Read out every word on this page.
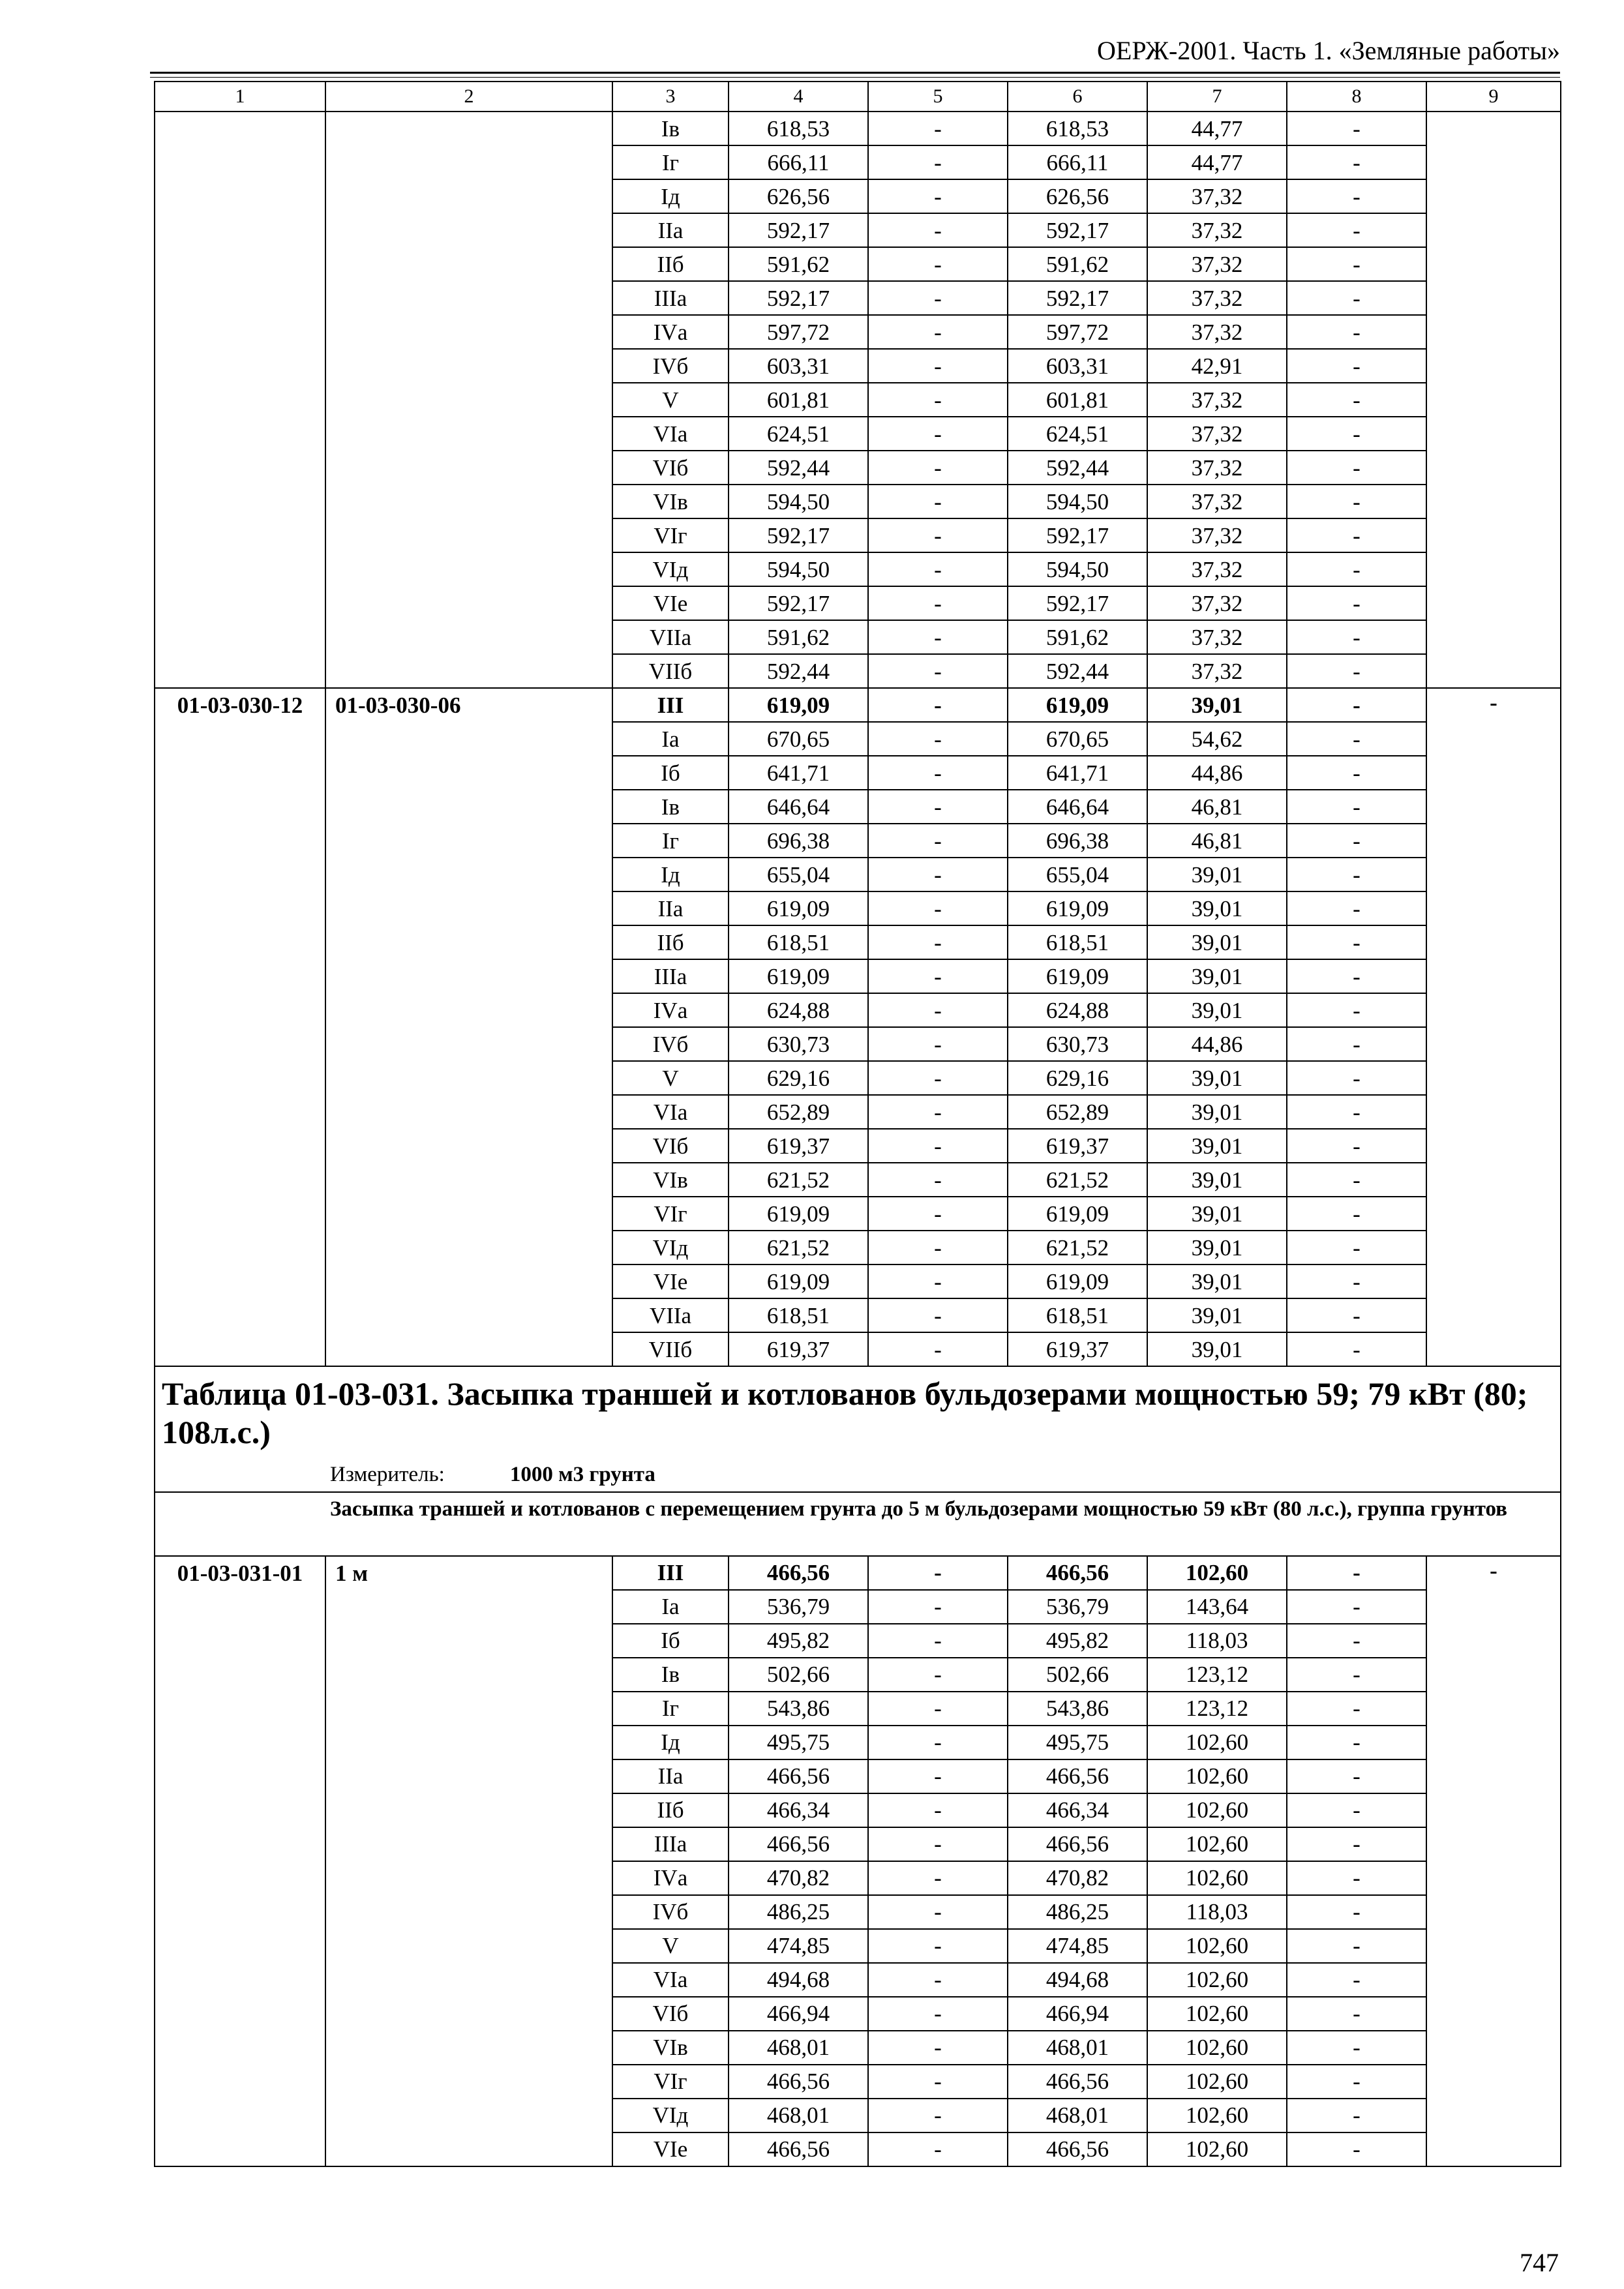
ОЕРЖ-2001. Часть 1. «Земляные работы»
1	2	3	4	5	6	7	8	9
		Iв	618,53	-	618,53	44,77	-	
		Iг	666,11	-	666,11	44,77	-	
		Iд	626,56	-	626,56	37,32	-	
		IIа	592,17	-	592,17	37,32	-	
		IIб	591,62	-	591,62	37,32	-	
		IIIа	592,17	-	592,17	37,32	-	
		IVа	597,72	-	597,72	37,32	-	
		IVб	603,31	-	603,31	42,91	-	
		V	601,81	-	601,81	37,32	-	
		VIа	624,51	-	624,51	37,32	-	
		VIб	592,44	-	592,44	37,32	-	
		VIв	594,50	-	594,50	37,32	-	
		VIг	592,17	-	592,17	37,32	-	
		VIд	594,50	-	594,50	37,32	-	
		VIе	592,17	-	592,17	37,32	-	
		VIIа	591,62	-	591,62	37,32	-	
		VIIб	592,44	-	592,44	37,32	-	
01-03-030-12	01-03-030-06	III	619,09	-	619,09	39,01	-	-
		Iа	670,65	-	670,65	54,62	-	
		Iб	641,71	-	641,71	44,86	-	
		Iв	646,64	-	646,64	46,81	-	
		Iг	696,38	-	696,38	46,81	-	
		Iд	655,04	-	655,04	39,01	-	
		IIа	619,09	-	619,09	39,01	-	
		IIб	618,51	-	618,51	39,01	-	
		IIIа	619,09	-	619,09	39,01	-	
		IVа	624,88	-	624,88	39,01	-	
		IVб	630,73	-	630,73	44,86	-	
		V	629,16	-	629,16	39,01	-	
		VIа	652,89	-	652,89	39,01	-	
		VIб	619,37	-	619,37	39,01	-	
		VIв	621,52	-	621,52	39,01	-	
		VIг	619,09	-	619,09	39,01	-	
		VIд	621,52	-	621,52	39,01	-	
		VIе	619,09	-	619,09	39,01	-	
		VIIа	618,51	-	618,51	39,01	-	
		VIIб	619,37	-	619,37	39,01	-	

Таблица 01-03-031. Засыпка траншей и котлованов бульдозерами мощностью 59; 79 кВт (80; 108л.с.)
Измеритель: 1000 м3 грунта								

Засыпка траншей и котлованов с перемещением грунта до 5 м бульдозерами мощностью 59 кВт (80 л.с.), группа грунтов								
01-03-031-01	1 м	III	466,56	-	466,56	102,60	-	-
		Iа	536,79	-	536,79	143,64	-	
		Iб	495,82	-	495,82	118,03	-	
		Iв	502,66	-	502,66	123,12	-	
		Iг	543,86	-	543,86	123,12	-	
		Iд	495,75	-	495,75	102,60	-	
		IIа	466,56	-	466,56	102,60	-	
		IIб	466,34	-	466,34	102,60	-	
		IIIа	466,56	-	466,56	102,60	-	
		IVа	470,82	-	470,82	102,60	-	
		IVб	486,25	-	486,25	118,03	-	
		V	474,85	-	474,85	102,60	-	
		VIа	494,68	-	494,68	102,60	-	
		VIб	466,94	-	466,94	102,60	-	
		VIв	468,01	-	468,01	102,60	-	
		VIг	466,56	-	466,56	102,60	-	
		VIд	468,01	-	468,01	102,60	-	
		VIе	466,56	-	466,56	102,60	-	
747
